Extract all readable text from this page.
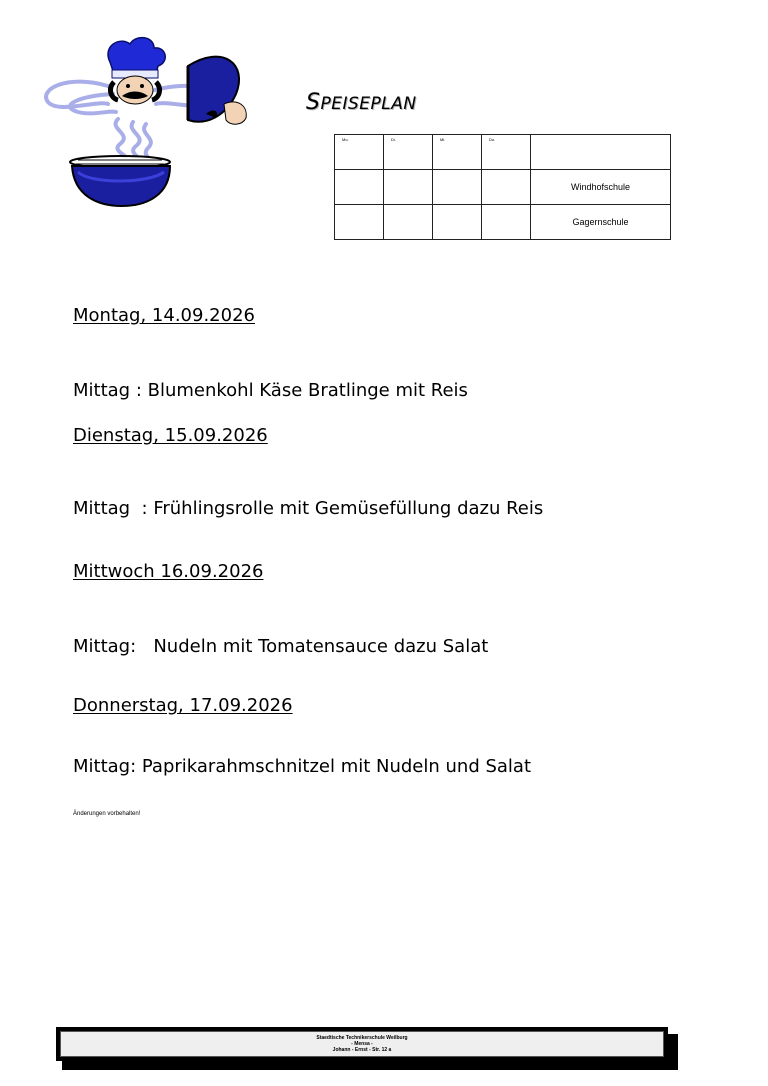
SPEISEPLAN
Mo.	Di.	Mi.	Do.	
				Windhofschule
				Gagernschule

Montag, 14.09.2026

Mittag : Blumenkohl Käse Bratlinge mit Reis

Dienstag, 15.09.2026

Mittag  : Frühlingsrolle mit Gemüsefüllung dazu Reis

Mittwoch 16.09.2026

Mittag:   Nudeln mit Tomatensauce dazu Salat

Donnerstag, 17.09.2026

Mittag: Paprikarahmschnitzel mit Nudeln und Salat

Änderungen vorbehalten!
Staedtische Technikerschule Weilburg
- Mensa -
Johann - Ernst - Str. 12 a
